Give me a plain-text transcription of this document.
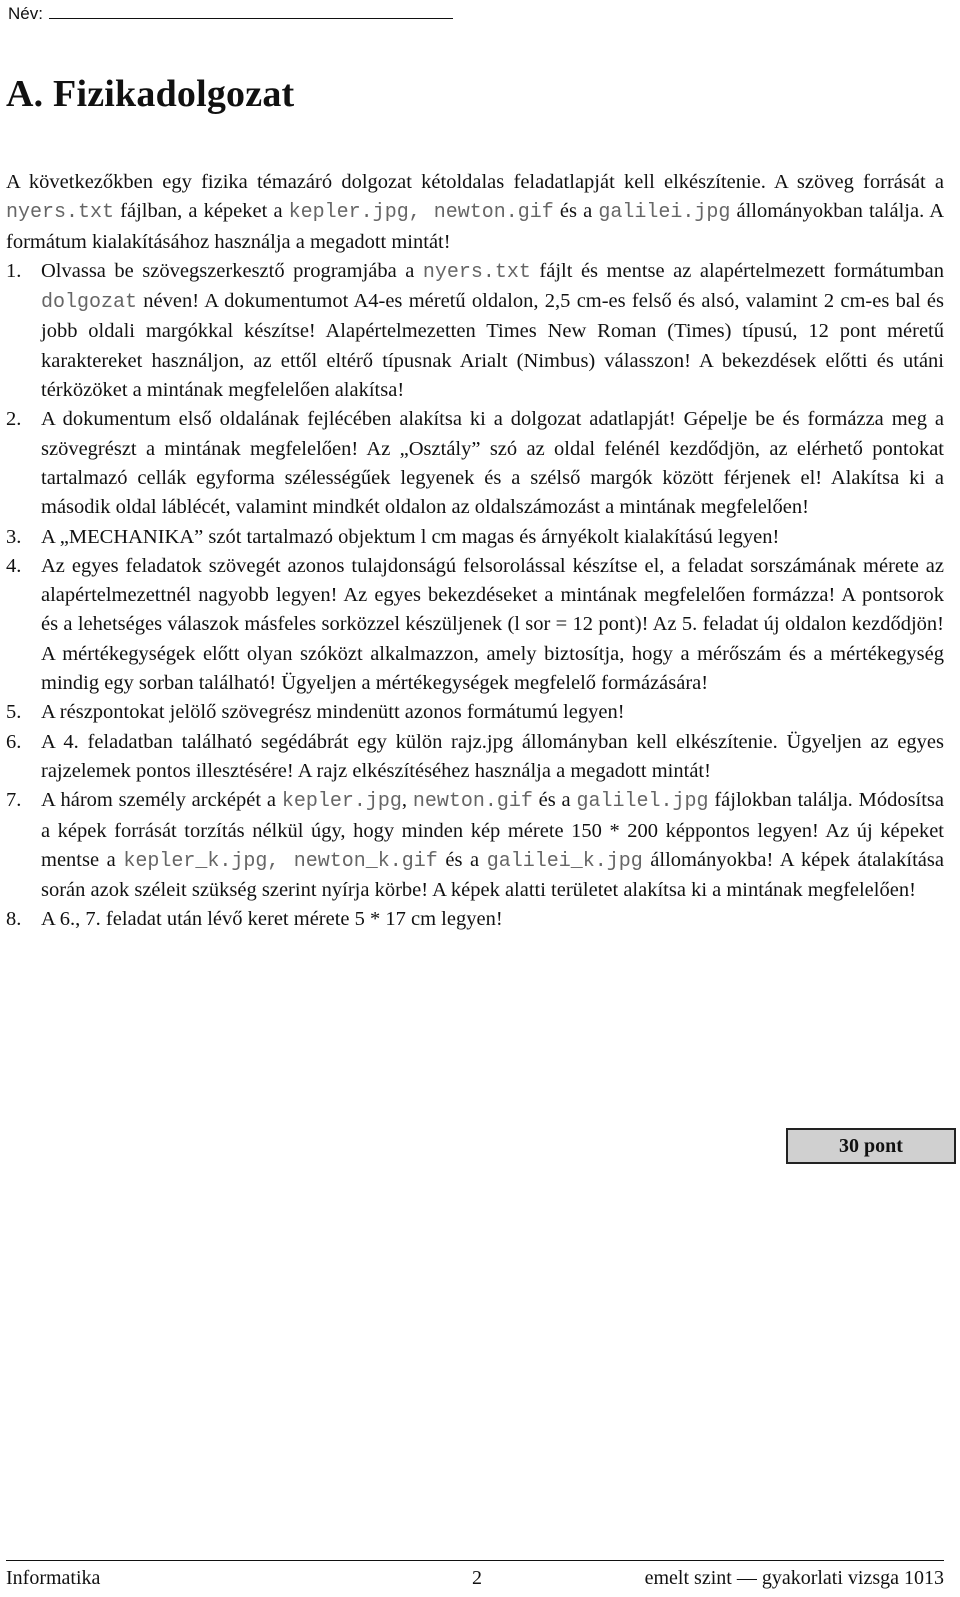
Név:
A. Fizikadolgozat

A következőkben egy fizika témazáró dolgozat kétoldalas feladatlapját kell elkészítenie. A szöveg forrását a nyers.txt fájlban, a képeket a kepler.jpg, newton.gif és a galilei.jpg állományokban találja. A formátum kialakításához használja a megadott mintát!

1. Olvassa be szövegszerkesztő programjába a nyers.txt fájlt és mentse az alapértelmezett formátumban dolgozat néven! A dokumentumot A4-es méretű oldalon, 2,5 cm-es felső és alsó, valamint 2 cm-es bal és jobb oldali margókkal készítse! Alapértelmezetten Times New Roman (Times) típusú, 12 pont méretű karaktereket használjon, az ettől eltérő típusnak Arialt (Nimbus) válasszon! A bekezdések előtti és utáni térközöket a mintának megfelelően alakítsa!
2. A dokumentum első oldalának fejlécében alakítsa ki a dolgozat adatlapját! Gépelje be és formázza meg a szövegrészt a mintának megfelelően! Az „Osztály” szó az oldal felénél kezdődjön, az elérhető pontokat tartalmazó cellák egyforma szélességűek legyenek és a szélső margók között férjenek el! Alakítsa ki a második oldal láblécét, valamint mindkét oldalon az oldalszámozást a mintának megfelelően!
3. A „MECHANIKA” szót tartalmazó objektum l cm magas és árnyékolt kialakítású legyen!
4. Az egyes feladatok szövegét azonos tulajdonságú felsorolással készítse el, a feladat sorszámának mérete az alapértelmezettnél nagyobb legyen! Az egyes bekezdéseket a mintának megfelelően formázza! A pontsorok és a lehetséges válaszok másfeles sorközzel készüljenek (l sor = 12 pont)! Az 5. feladat új oldalon kezdődjön! A mértékegységek előtt olyan szóközt alkalmazzon, amely biztosítja, hogy a mérőszám és a mértékegység mindig egy sorban található! Ügyeljen a mértékegységek megfelelő formázására!
5. A részpontokat jelölő szövegrész mindenütt azonos formátumú legyen!
6. A 4. feladatban található segédábrát egy külön rajz.jpg állományban kell elkészítenie. Ügyeljen az egyes rajzelemek pontos illesztésére! A rajz elkészítéséhez használja a megadott mintát!
7. A három személy arcképét a kepler.jpg, newton.gif és a galilel.jpg fájlokban találja. Módosítsa a képek forrását torzítás nélkül úgy, hogy minden kép mérete 150 * 200 képpontos legyen! Az új képeket mentse a kepler_k.jpg, newton_k.gif és a galilei_k.jpg állományokba! A képek átalakítása során azok széleit szükség szerint nyírja körbe! A képek alatti területet alakítsa ki a mintának megfelelően!
8. A 6., 7. feladat után lévő keret mérete 5 * 17 cm legyen!
30 pont
Informatika	2	emelt szint — gyakorlati vizsga 1013
